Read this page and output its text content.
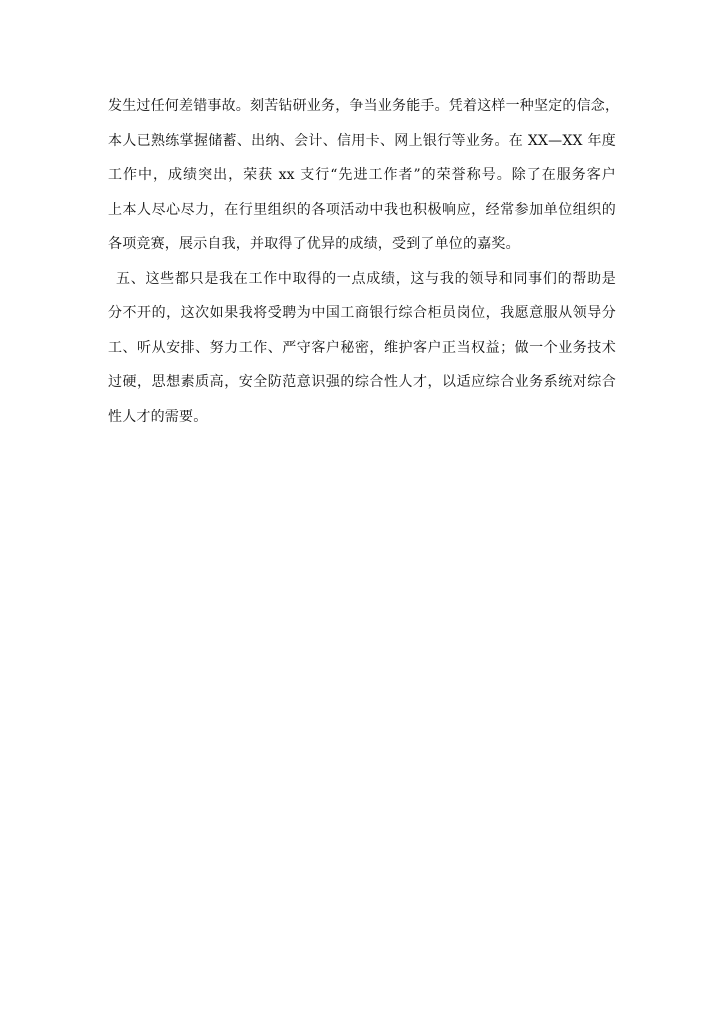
发生过任何差错事故。刻苦钻研业务，争当业务能手。凭着这样一种坚定的信念，
本人已熟练掌握储蓄、出纳、会计、信用卡、网上银行等业务。在 XX—XX 年度
工作中，成绩突出，荣获 xx 支行“先进工作者”的荣誉称号。除了在服务客户
上本人尽心尽力，在行里组织的各项活动中我也积极响应，经常参加单位组织的
各项竞赛，展示自我，并取得了优异的成绩，受到了单位的嘉奖。
五、这些都只是我在工作中取得的一点成绩，这与我的领导和同事们的帮助是
分不开的，这次如果我将受聘为中国工商银行综合柜员岗位，我愿意服从领导分
工、听从安排、努力工作、严守客户秘密，维护客户正当权益；做一个业务技术
过硬，思想素质高，安全防范意识强的综合性人才，以适应综合业务系统对综合
性人才的需要。
